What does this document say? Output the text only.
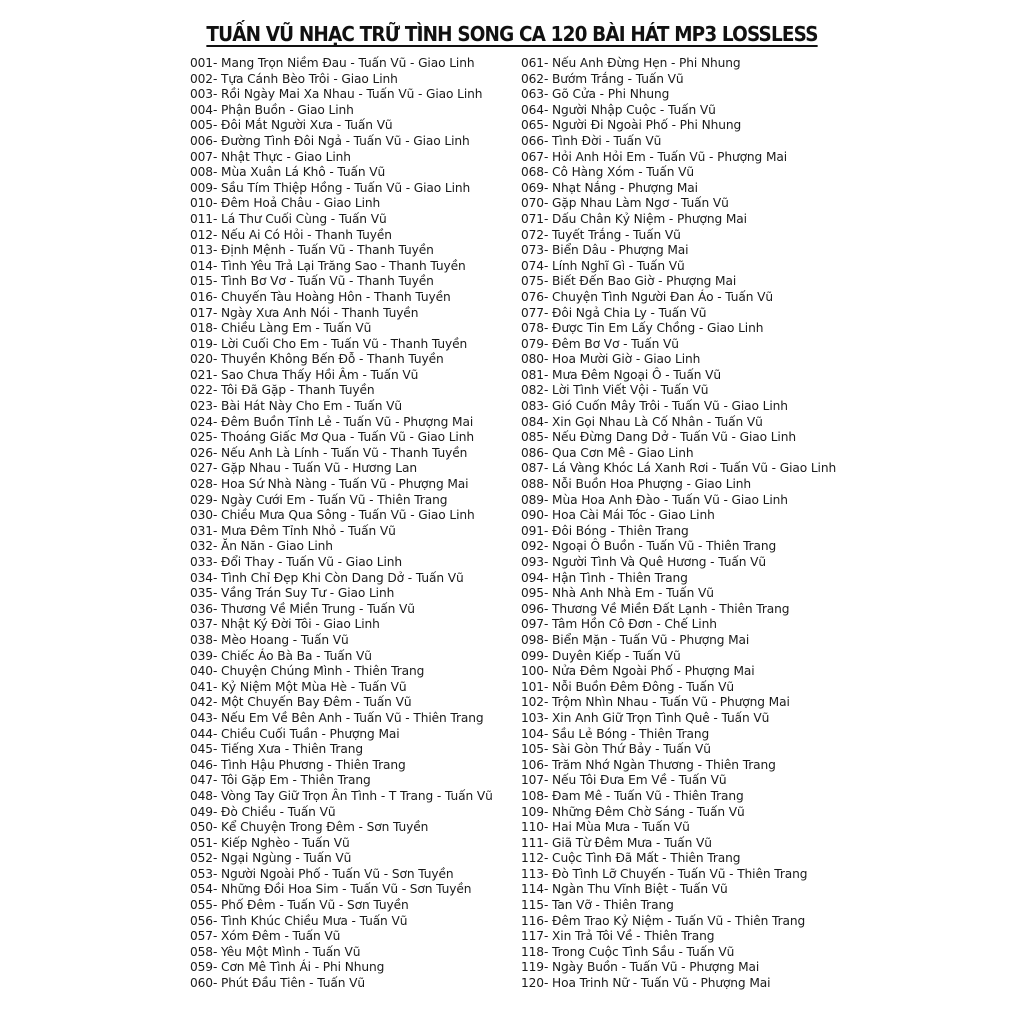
TUẤN VŨ NHẠC TRỮ TÌNH SONG CA 120 BÀI HÁT MP3 LOSSLESS
001- Mang Trọn Niềm Đau - Tuấn Vũ - Giao Linh
002- Tựa Cánh Bèo Trôi - Giao Linh
003- Rồi Ngày Mai Xa Nhau - Tuấn Vũ - Giao Linh
004- Phận Buồn - Giao Linh
005- Đôi Mắt Người Xưa - Tuấn Vũ
006- Đường Tình Đôi Ngả - Tuấn Vũ - Giao Linh
007- Nhật Thực - Giao Linh
008- Mùa Xuân Lá Khô - Tuấn Vũ
009- Sầu Tím Thiệp Hồng - Tuấn Vũ - Giao Linh
010- Đêm Hoả Châu - Giao Linh
011- Lá Thư Cuối Cùng - Tuấn Vũ
012- Nếu Ai Có Hỏi - Thanh Tuyền
013- Định Mệnh - Tuấn Vũ - Thanh Tuyền
014- Tình Yêu Trả Lại Trăng Sao - Thanh Tuyền
015- Tình Bơ Vơ - Tuấn Vũ - Thanh Tuyền
016- Chuyến Tàu Hoàng Hôn - Thanh Tuyền
017- Ngày Xưa Anh Nói - Thanh Tuyền
018- Chiều Làng Em - Tuấn Vũ
019- Lời Cuối Cho Em - Tuấn Vũ - Thanh Tuyền
020- Thuyền Không Bến Đỗ - Thanh Tuyền
021- Sao Chưa Thấy Hồi Âm - Tuấn Vũ
022- Tôi Đã Gặp - Thanh Tuyền
023- Bài Hát Này Cho Em - Tuấn Vũ
024- Đêm Buồn Tỉnh Lẻ - Tuấn Vũ - Phượng Mai
025- Thoáng Giấc Mơ Qua - Tuấn Vũ - Giao Linh
026- Nếu Anh Là Lính - Tuấn Vũ - Thanh Tuyền
027- Gặp Nhau - Tuấn Vũ - Hương Lan
028- Hoa Sứ Nhà Nàng - Tuấn Vũ - Phượng Mai
029- Ngày Cưới Em - Tuấn Vũ - Thiên Trang
030- Chiều Mưa Qua Sông - Tuấn Vũ - Giao Linh
031- Mưa Đêm Tỉnh Nhỏ - Tuấn Vũ
032- Ăn Năn - Giao Linh
033- Đổi Thay - Tuấn Vũ - Giao Linh
034- Tình Chỉ Đẹp Khi Còn Dang Dở - Tuấn Vũ
035- Vầng Trán Suy Tư - Giao Linh
036- Thương Về Miền Trung - Tuấn Vũ
037- Nhật Ký Đời Tôi - Giao Linh
038- Mèo Hoang - Tuấn Vũ
039- Chiếc Áo Bà Ba - Tuấn Vũ
040- Chuyện Chúng Mình - Thiên Trang
041- Kỷ Niệm Một Mùa Hè - Tuấn Vũ
042- Một Chuyến Bay Đêm - Tuấn Vũ
043- Nếu Em Về Bên Anh - Tuấn Vũ - Thiên Trang
044- Chiều Cuối Tuần - Phượng Mai
045- Tiếng Xưa - Thiên Trang
046- Tình Hậu Phương - Thiên Trang
047- Tôi Gặp Em - Thiên Trang
048- Vòng Tay Giữ Trọn Ân Tình - T Trang - Tuấn Vũ
049- Đò Chiều - Tuấn Vũ
050- Kể Chuyện Trong Đêm - Sơn Tuyền
051- Kiếp Nghèo - Tuấn Vũ
052- Ngại Ngùng - Tuấn Vũ
053- Người Ngoài Phố - Tuấn Vũ - Sơn Tuyền
054- Những Đồi Hoa Sim - Tuấn Vũ - Sơn Tuyền
055- Phố Đêm - Tuấn Vũ - Sơn Tuyền
056- Tình Khúc Chiều Mưa - Tuấn Vũ
057- Xóm Đêm - Tuấn Vũ
058- Yêu Một Mình - Tuấn Vũ
059- Cơn Mê Tình Ái - Phi Nhung
060- Phút Đầu Tiên - Tuấn Vũ
061- Nếu Anh Đừng Hẹn - Phi Nhung
062- Bướm Trắng - Tuấn Vũ
063- Gõ Cửa - Phi Nhung
064- Người Nhập Cuộc - Tuấn Vũ
065- Người Đi Ngoài Phố - Phi Nhung
066- Tình Đời - Tuấn Vũ
067- Hỏi Anh Hỏi Em - Tuấn Vũ - Phượng Mai
068- Cô Hàng Xóm - Tuấn Vũ
069- Nhạt Nắng - Phượng Mai
070- Gặp Nhau Làm Ngơ - Tuấn Vũ
071- Dấu Chân Kỷ Niệm - Phượng Mai
072- Tuyết Trắng - Tuấn Vũ
073- Biển Dâu - Phượng Mai
074- Lính Nghĩ Gì - Tuấn Vũ
075- Biết Đến Bao Giờ - Phượng Mai
076- Chuyện Tình Người Đan Áo - Tuấn Vũ
077- Đôi Ngả Chia Ly - Tuấn Vũ
078- Được Tin Em Lấy Chồng - Giao Linh
079- Đêm Bơ Vơ - Tuấn Vũ
080- Hoa Mười Giờ - Giao Linh
081- Mưa Đêm Ngoại Ô - Tuấn Vũ
082- Lời Tình Viết Vội - Tuấn Vũ
083- Gió Cuốn Mây Trôi - Tuấn Vũ - Giao Linh
084- Xin Gọi Nhau Là Cố Nhân - Tuấn Vũ
085- Nếu Đừng Dang Dở - Tuấn Vũ - Giao Linh
086- Qua Cơn Mê - Giao Linh
087- Lá Vàng Khóc Lá Xanh Rơi - Tuấn Vũ - Giao Linh
088- Nỗi Buồn Hoa Phượng - Giao Linh
089- Mùa Hoa Anh Đào - Tuấn Vũ - Giao Linh
090- Hoa Cài Mái Tóc - Giao Linh
091- Đôi Bóng - Thiên Trang
092- Ngoại Ô Buồn - Tuấn Vũ - Thiên Trang
093- Người Tình Và Quê Hương - Tuấn Vũ
094- Hận Tình - Thiên Trang
095- Nhà Anh Nhà Em - Tuấn Vũ
096- Thương Về Miền Đất Lạnh - Thiên Trang
097- Tâm Hồn Cô Đơn - Chế Linh
098- Biển Mặn - Tuấn Vũ - Phượng Mai
099- Duyên Kiếp - Tuấn Vũ
100- Nửa Đêm Ngoài Phố - Phượng Mai
101- Nỗi Buồn Đêm Đông - Tuấn Vũ
102- Trộm Nhìn Nhau - Tuấn Vũ - Phượng Mai
103- Xin Anh Giữ Trọn Tình Quê - Tuấn Vũ
104- Sầu Lẻ Bóng - Thiên Trang
105- Sài Gòn Thứ Bảy - Tuấn Vũ
106- Trăm Nhớ Ngàn Thương - Thiên Trang
107- Nếu Tôi Đưa Em Về - Tuấn Vũ
108- Đam Mê - Tuấn Vũ - Thiên Trang
109- Những Đêm Chờ Sáng - Tuấn Vũ
110- Hai Mùa Mưa - Tuấn Vũ
111- Giã Từ Đêm Mưa - Tuấn Vũ
112- Cuộc Tình Đã Mất - Thiên Trang
113- Đò Tình Lỡ Chuyến - Tuấn Vũ - Thiên Trang
114- Ngàn Thu Vĩnh Biệt - Tuấn Vũ
115- Tan Vỡ - Thiên Trang
116- Đêm Trao Kỷ Niệm - Tuấn Vũ - Thiên Trang
117- Xin Trả Tôi Về - Thiên Trang
118- Trong Cuộc Tình Sầu - Tuấn Vũ
119- Ngày Buồn - Tuấn Vũ - Phượng Mai
120- Hoa Trinh Nữ - Tuấn Vũ - Phượng Mai
